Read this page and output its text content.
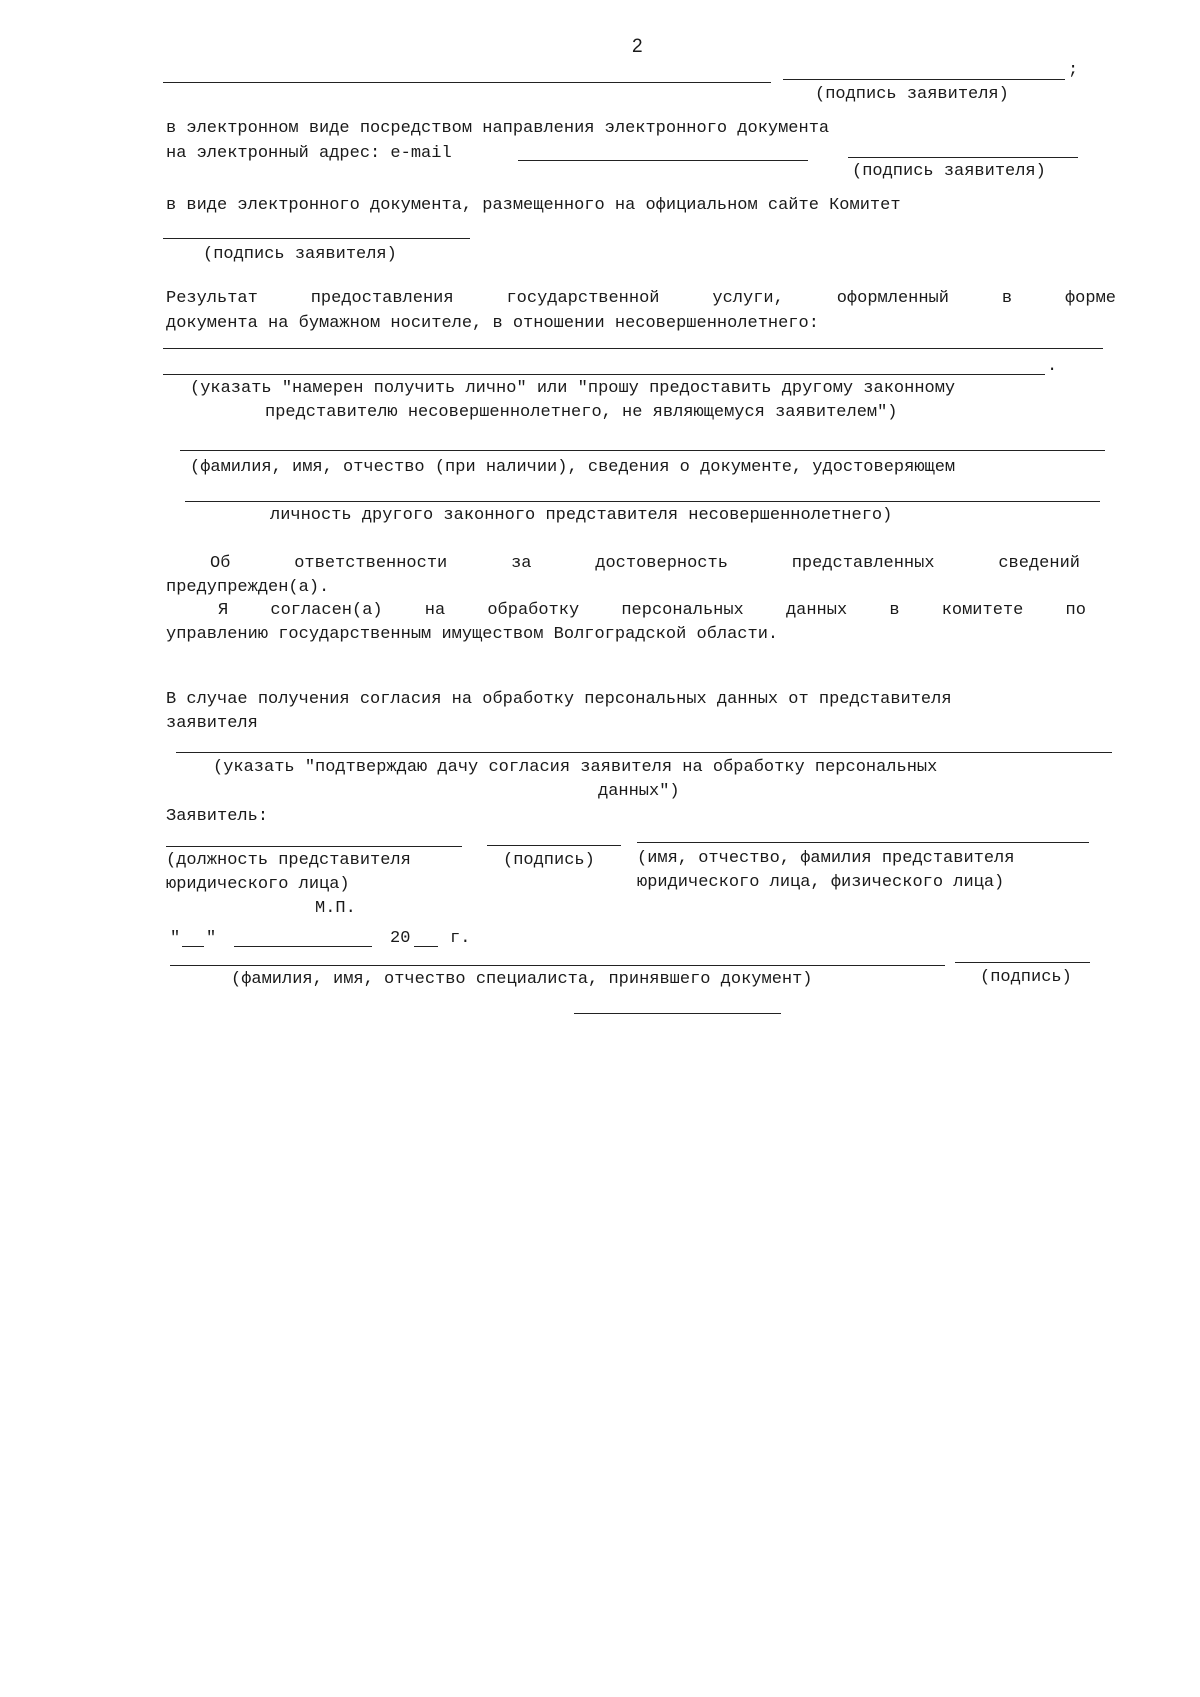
2
;
(подпись заявителя)
в электронном виде посредством направления электронного документа
на электронный адрес: e-mail
(подпись заявителя)
в виде электронного документа, размещенного на официальном сайте Комитет
(подпись заявителя)
Результат	предоставления	государственной	услуги,	оформленный	в	форме
документа на бумажном носителе, в отношении несовершеннолетнего:
.
(указать "намерен получить лично" или "прошу предоставить другому законному
представителю несовершеннолетнего, не являющемуся заявителем")
(фамилия, имя, отчество (при наличии), сведения о документе, удостоверяющем
личность другого законного представителя несовершеннолетнего)
Об	ответственности	за	достоверность	представленных	сведений
предупрежден(а).
Я согласен(а) на обработку персональных данных в комитете по
управлению государственным имуществом Волгоградской области.
В случае получения согласия на обработку персональных данных от представителя
заявителя
(указать "подтверждаю дачу согласия заявителя на обработку персональных
данных")
Заявитель:
(должность представителя
юридического лица)
(подпись) (имя, отчество, фамилия представителя
юридического лица, физического лица)
М.П.
" "	20 г.
(фамилия, имя, отчество специалиста, принявшего документ)	(подпись)
